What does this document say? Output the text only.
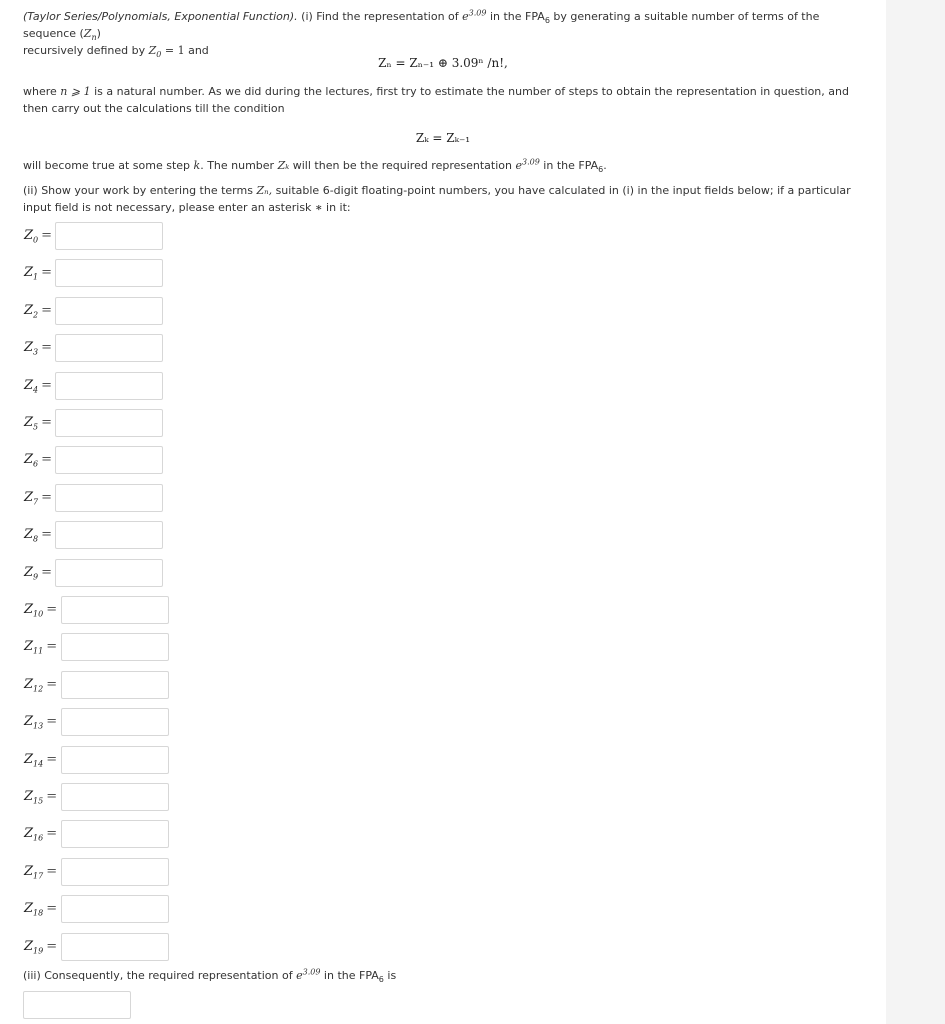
(Taylor Series/Polynomials, Exponential Function). (i) Find the representation of $e^{3.09}$ in the $FPA_6$ by generating a suitable number of terms of the sequence $(Z_n)$
recursively defined by $Z_0 = 1$ and
Zₙ = Zₙ₋₁ ⊕ 3.09ⁿ /n!,
where n ⩾ 1 is a natural number. As we did during the lectures, first try to estimate the number of steps to obtain the representation in question, and then carry out the calculations till the condition
Zₖ = Zₖ₋₁
will become true at some step k. The number Zₖ will then be the required representation $e^{3.09}$ in the $FPA_6$.
(ii) Show your work by entering the terms Zₙ, suitable 6-digit floating-point numbers, you have calculated in (i) in the input fields below; if a particular input field is not necessary, please enter an asterisk ∗ in it:
$Z_0$ =
$Z_1$ =
$Z_2$ =
$Z_3$ =
$Z_4$ =
$Z_5$ =
$Z_6$ =
$Z_7$ =
$Z_8$ =
$Z_9$ =
$Z_{10}$ =
$Z_{11}$ =
$Z_{12}$ =
$Z_{13}$ =
$Z_{14}$ =
$Z_{15}$ =
$Z_{16}$ =
$Z_{17}$ =
$Z_{18}$ =
$Z_{19}$ =
(iii) Consequently, the required representation of $e^{3.09}$ in the $FPA_6$ is
